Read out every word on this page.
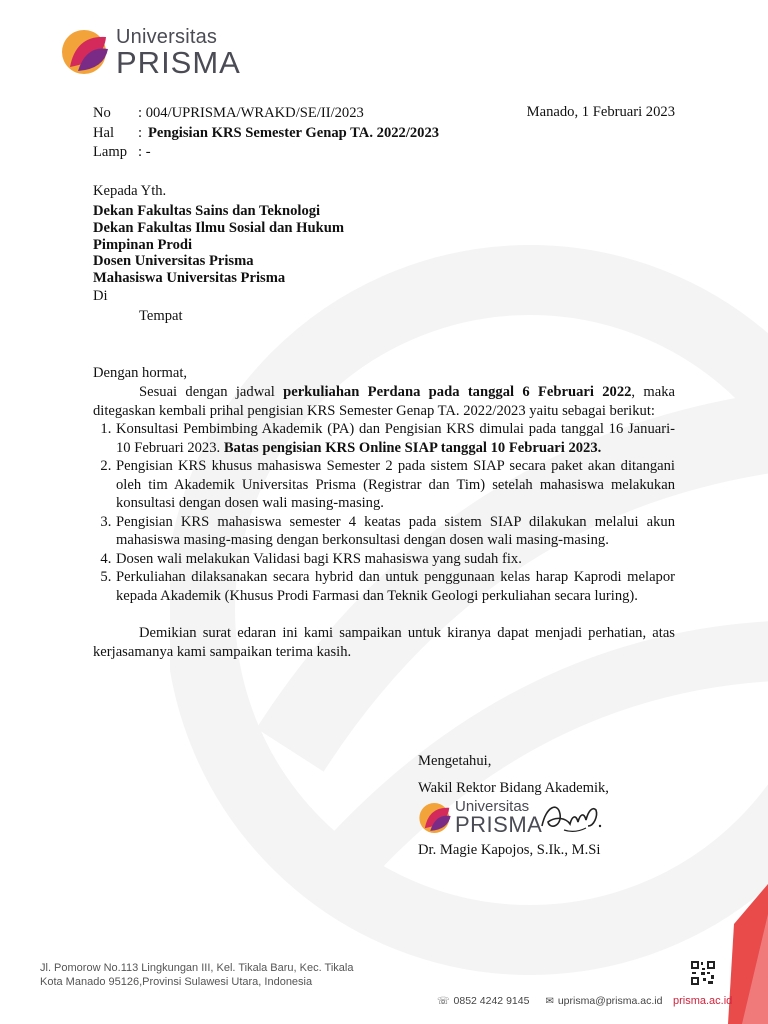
Universitas
PRISMA
No	: 004/UPRISMA/WRAKD/SE/II/2023	Manado, 1 Februari 2023
Hal	: Pengisian KRS Semester Genap TA. 2022/2023
Lamp : -
Kepada Yth.
Dekan Fakultas Sains dan Teknologi
Dekan Fakultas Ilmu Sosial dan Hukum
Pimpinan Prodi
Dosen Universitas Prisma
Mahasiswa Universitas Prisma
Di
Tempat
Dengan hormat,
Sesuai dengan jadwal perkuliahan Perdana pada tanggal 6 Februari 2022, maka ditegaskan kembali prihal pengisian KRS Semester Genap TA. 2022/2023 yaitu sebagai berikut:
1. Konsultasi Pembimbing Akademik (PA) dan Pengisian KRS dimulai pada tanggal 16 Januari-10 Februari 2023. Batas pengisian KRS Online SIAP tanggal 10 Februari 2023.
2. Pengisian KRS khusus mahasiswa Semester 2 pada sistem SIAP secara paket akan ditangani oleh tim Akademik Universitas Prisma (Registrar dan Tim) setelah mahasiswa melakukan konsultasi dengan dosen wali masing-masing.
3. Pengisian KRS mahasiswa semester 4 keatas pada sistem SIAP dilakukan melalui akun mahasiswa masing-masing dengan berkonsultasi dengan dosen wali masing-masing.
4. Dosen wali melakukan Validasi bagi KRS mahasiswa yang sudah fix.
5. Perkuliahan dilaksanakan secara hybrid dan untuk penggunaan kelas harap Kaprodi melapor kepada Akademik (Khusus Prodi Farmasi dan Teknik Geologi perkuliahan secara luring).
Demikian surat edaran ini kami sampaikan untuk kiranya dapat menjadi perhatian, atas kerjasamanya kami sampaikan terima kasih.
Mengetahui,
Wakil Rektor Bidang Akademik,
Universitas
PRISMA
Dr. Magie Kapojos, S.Ik., M.Si
Jl. Pomorow No.113 Lingkungan III, Kel. Tikala Baru, Kec. Tikala
Kota Manado 95126,Provinsi Sulawesi Utara, Indonesia
☏ 0852 4242 9145 ✉ uprisma@prisma.ac.id prisma.ac.id
